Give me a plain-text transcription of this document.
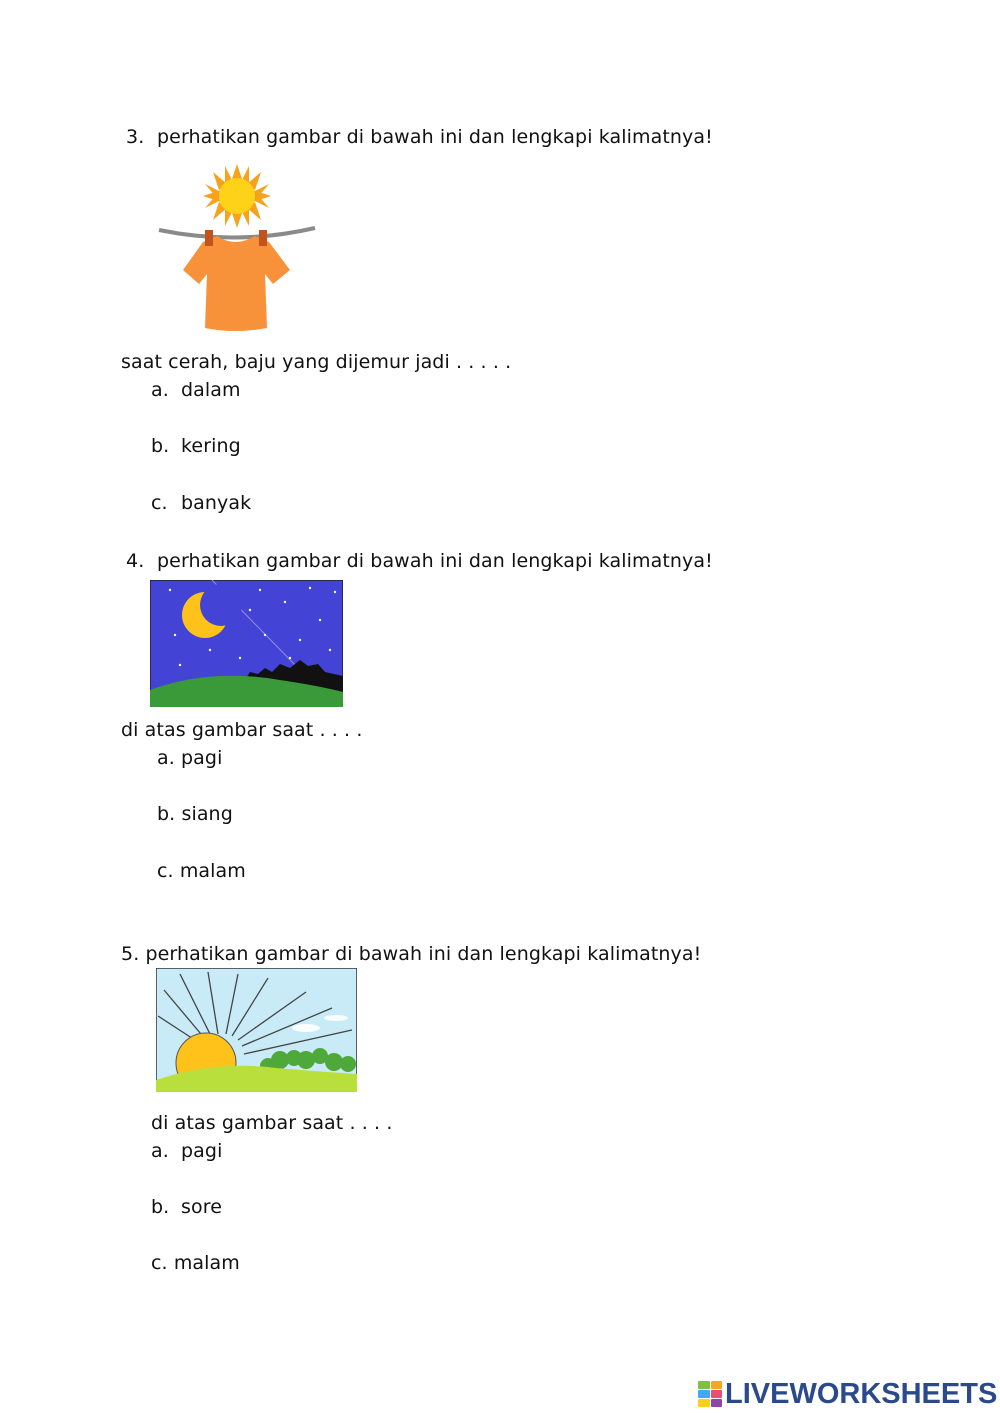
3. perhatikan gambar di bawah ini dan lengkapi kalimatnya!
saat cerah, baju yang dijemur jadi . . . . .
a. dalam
b. kering
c. banyak
4. perhatikan gambar di bawah ini dan lengkapi kalimatnya!
di atas gambar saat . . . .
a. pagi
b. siang
c. malam
5. perhatikan gambar di bawah ini dan lengkapi kalimatnya!
di atas gambar saat . . . .
a. pagi
b. sore
c. malam
LIVEWORKSHEETS
